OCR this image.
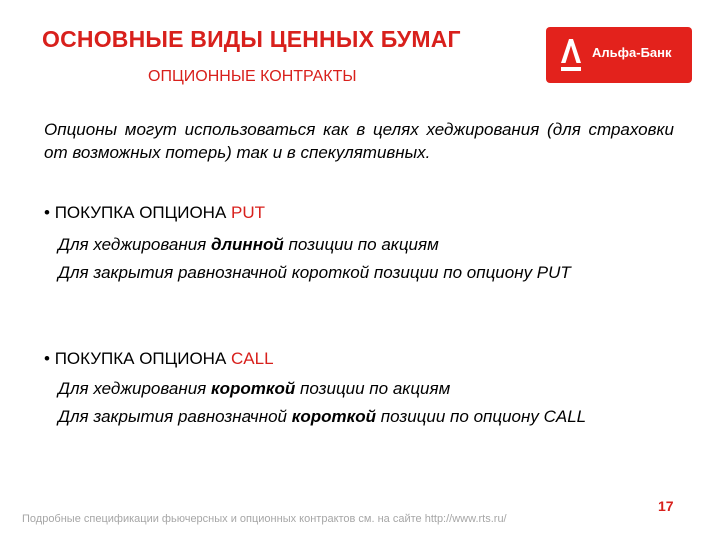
ОСНОВНЫЕ ВИДЫ ЦЕННЫХ БУМАГ
ОПЦИОННЫЕ КОНТРАКТЫ
Альфа-Банк
Опционы могут использоваться как в целях хеджирования (для страховки от возможных потерь) так и в спекулятивных.
• ПОКУПКА ОПЦИОНА PUT
Для хеджирования длинной позиции по акциям
Для закрытия равнозначной короткой позиции по опциону PUT
• ПОКУПКА ОПЦИОНА CALL
Для хеджирования короткой позиции по акциям
Для закрытия равнозначной короткой позиции по опциону CALL
17
Подробные спецификации фьючерсных и опционных контрактов см. на сайте http://www.rts.ru/
